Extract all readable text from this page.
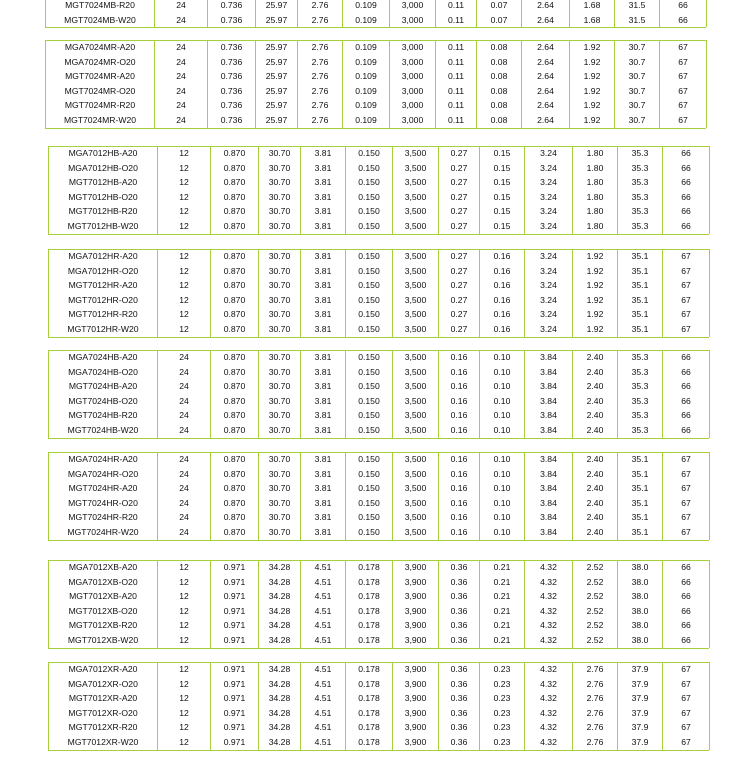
MGT7024MB-R20	24	0.736	25.97	2.76	0.109	3,000	0.11	0.07	2.64	1.68	31.5	66
MGT7024MB-W20	24	0.736	25.97	2.76	0.109	3,000	0.11	0.07	2.64	1.68	31.5	66
MGA7024MR-A20	24	0.736	25.97	2.76	0.109	3,000	0.11	0.08	2.64	1.92	30.7	67
MGA7024MR-O20	24	0.736	25.97	2.76	0.109	3,000	0.11	0.08	2.64	1.92	30.7	67
MGT7024MR-A20	24	0.736	25.97	2.76	0.109	3,000	0.11	0.08	2.64	1.92	30.7	67
MGT7024MR-O20	24	0.736	25.97	2.76	0.109	3,000	0.11	0.08	2.64	1.92	30.7	67
MGT7024MR-R20	24	0.736	25.97	2.76	0.109	3,000	0.11	0.08	2.64	1.92	30.7	67
MGT7024MR-W20	24	0.736	25.97	2.76	0.109	3,000	0.11	0.08	2.64	1.92	30.7	67
MGA7012HB-A20	12	0.870	30.70	3.81	0.150	3,500	0.27	0.15	3.24	1.80	35.3	66
MGA7012HB-O20	12	0.870	30.70	3.81	0.150	3,500	0.27	0.15	3.24	1.80	35.3	66
MGT7012HB-A20	12	0.870	30.70	3.81	0.150	3,500	0.27	0.15	3.24	1.80	35.3	66
MGT7012HB-O20	12	0.870	30.70	3.81	0.150	3,500	0.27	0.15	3.24	1.80	35.3	66
MGT7012HB-R20	12	0.870	30.70	3.81	0.150	3,500	0.27	0.15	3.24	1.80	35.3	66
MGT7012HB-W20	12	0.870	30.70	3.81	0.150	3,500	0.27	0.15	3.24	1.80	35.3	66
MGA7012HR-A20	12	0.870	30.70	3.81	0.150	3,500	0.27	0.16	3.24	1.92	35.1	67
MGA7012HR-O20	12	0.870	30.70	3.81	0.150	3,500	0.27	0.16	3.24	1.92	35.1	67
MGT7012HR-A20	12	0.870	30.70	3.81	0.150	3,500	0.27	0.16	3.24	1.92	35.1	67
MGT7012HR-O20	12	0.870	30.70	3.81	0.150	3,500	0.27	0.16	3.24	1.92	35.1	67
MGT7012HR-R20	12	0.870	30.70	3.81	0.150	3,500	0.27	0.16	3.24	1.92	35.1	67
MGT7012HR-W20	12	0.870	30.70	3.81	0.150	3,500	0.27	0.16	3.24	1.92	35.1	67
MGA7024HB-A20	24	0.870	30.70	3.81	0.150	3,500	0.16	0.10	3.84	2.40	35.3	66
MGA7024HB-O20	24	0.870	30.70	3.81	0.150	3,500	0.16	0.10	3.84	2.40	35.3	66
MGT7024HB-A20	24	0.870	30.70	3.81	0.150	3,500	0.16	0.10	3.84	2.40	35.3	66
MGT7024HB-O20	24	0.870	30.70	3.81	0.150	3,500	0.16	0.10	3.84	2.40	35.3	66
MGT7024HB-R20	24	0.870	30.70	3.81	0.150	3,500	0.16	0.10	3.84	2.40	35.3	66
MGT7024HB-W20	24	0.870	30.70	3.81	0.150	3,500	0.16	0.10	3.84	2.40	35.3	66
MGA7024HR-A20	24	0.870	30.70	3.81	0.150	3,500	0.16	0.10	3.84	2.40	35.1	67
MGA7024HR-O20	24	0.870	30.70	3.81	0.150	3,500	0.16	0.10	3.84	2.40	35.1	67
MGT7024HR-A20	24	0.870	30.70	3.81	0.150	3,500	0.16	0.10	3.84	2.40	35.1	67
MGT7024HR-O20	24	0.870	30.70	3.81	0.150	3,500	0.16	0.10	3.84	2.40	35.1	67
MGT7024HR-R20	24	0.870	30.70	3.81	0.150	3,500	0.16	0.10	3.84	2.40	35.1	67
MGT7024HR-W20	24	0.870	30.70	3.81	0.150	3,500	0.16	0.10	3.84	2.40	35.1	67
MGA7012XB-A20	12	0.971	34.28	4.51	0.178	3,900	0.36	0.21	4.32	2.52	38.0	66
MGA7012XB-O20	12	0.971	34.28	4.51	0.178	3,900	0.36	0.21	4.32	2.52	38.0	66
MGT7012XB-A20	12	0.971	34.28	4.51	0.178	3,900	0.36	0.21	4.32	2.52	38.0	66
MGT7012XB-O20	12	0.971	34.28	4.51	0.178	3,900	0.36	0.21	4.32	2.52	38.0	66
MGT7012XB-R20	12	0.971	34.28	4.51	0.178	3,900	0.36	0.21	4.32	2.52	38.0	66
MGT7012XB-W20	12	0.971	34.28	4.51	0.178	3,900	0.36	0.21	4.32	2.52	38.0	66
MGA7012XR-A20	12	0.971	34.28	4.51	0.178	3,900	0.36	0.23	4.32	2.76	37.9	67
MGA7012XR-O20	12	0.971	34.28	4.51	0.178	3,900	0.36	0.23	4.32	2.76	37.9	67
MGT7012XR-A20	12	0.971	34.28	4.51	0.178	3,900	0.36	0.23	4.32	2.76	37.9	67
MGT7012XR-O20	12	0.971	34.28	4.51	0.178	3,900	0.36	0.23	4.32	2.76	37.9	67
MGT7012XR-R20	12	0.971	34.28	4.51	0.178	3,900	0.36	0.23	4.32	2.76	37.9	67
MGT7012XR-W20	12	0.971	34.28	4.51	0.178	3,900	0.36	0.23	4.32	2.76	37.9	67
